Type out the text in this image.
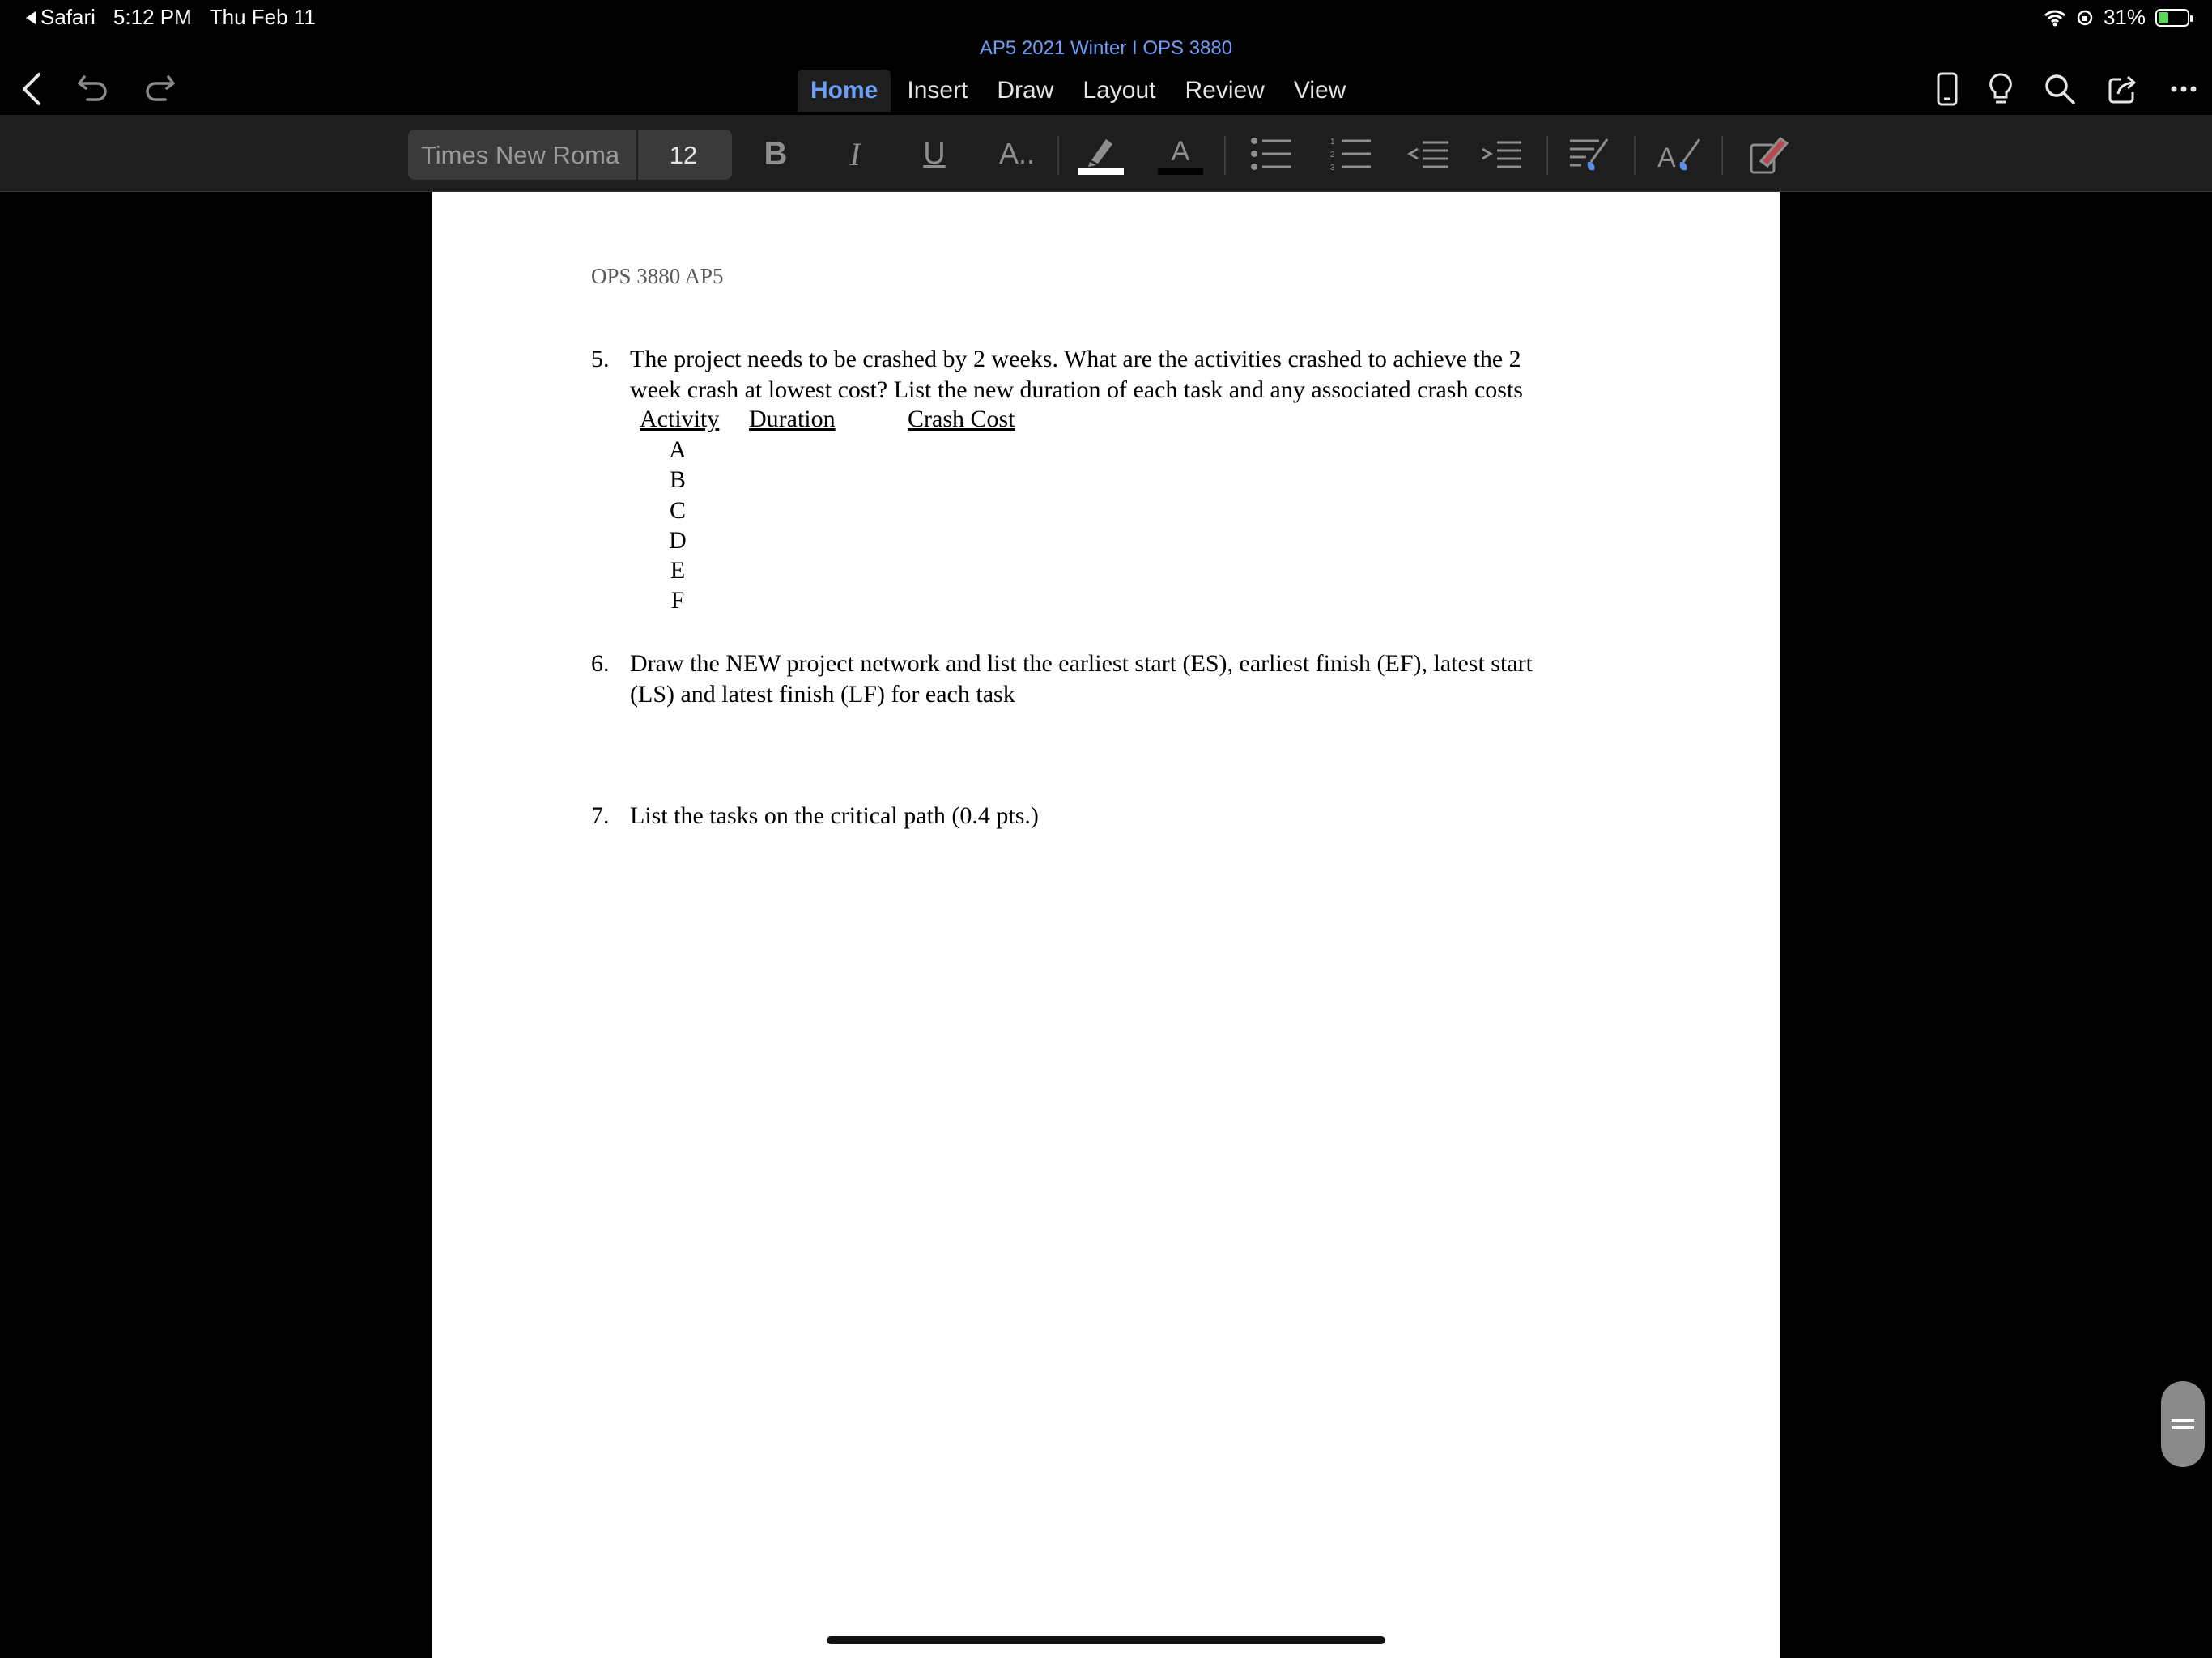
Safari 5:12 PM Thu Feb 11	31%
AP5 2021 Winter I OPS 3880
Home	Insert	Draw	Layout	Review	View
Times New Roma	12	B	I	U A..	A	1
2
3	A
OPS 3880 AP5
5. The project needs to be crashed by 2 weeks. What are the activities crashed to achieve the 2
week crash at lowest cost? List the new duration of each task and any associated crash costs
Activity Duration	Crash Cost
A
B
C
D
E
F
6. Draw the NEW project network and list the earliest start (ES), earliest finish (EF), latest start
(LS) and latest finish (LF) for each task
7. List the tasks on the critical path (0.4 pts.)
